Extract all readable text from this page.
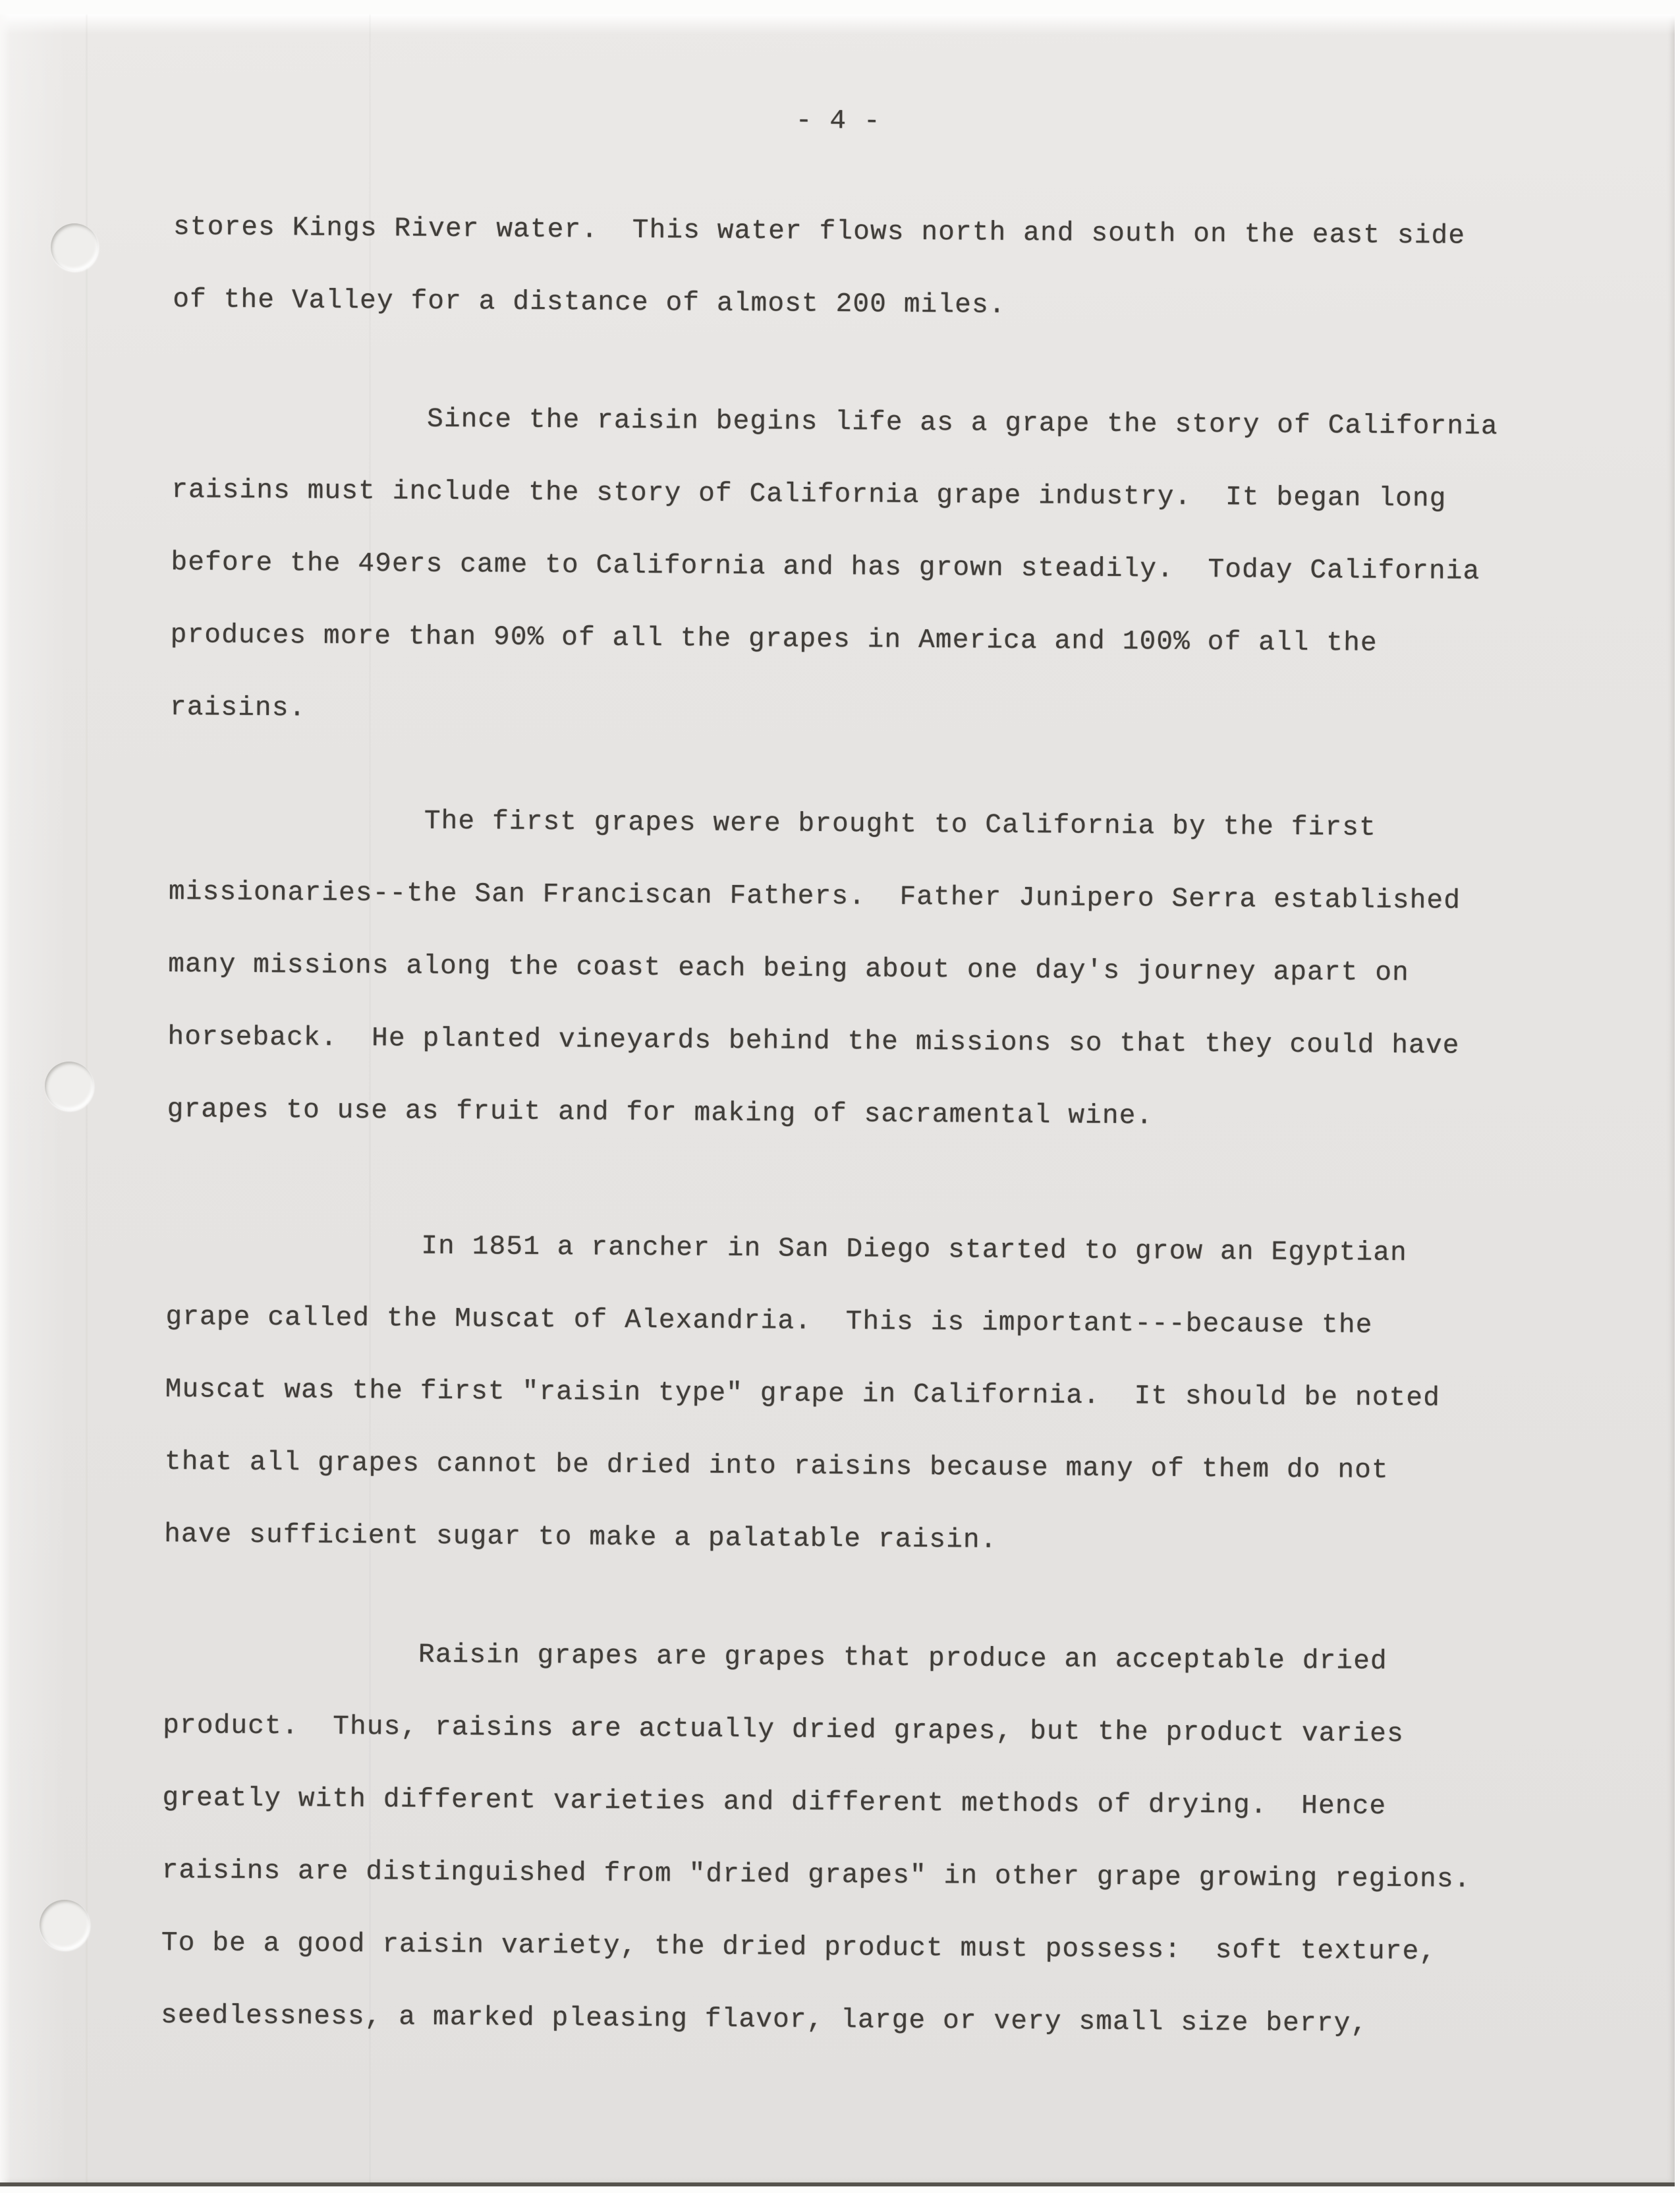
- 4 -
stores Kings River water.  This water flows north and south on the east side
of the Valley for a distance of almost 200 miles.
Since the raisin begins life as a grape the story of California
raisins must include the story of California grape industry.  It began long
before the 49ers came to California and has grown steadily.  Today California
produces more than 90% of all the grapes in America and 100% of all the
raisins.
The first grapes were brought to California by the first
missionaries--the San Franciscan Fathers.  Father Junipero Serra established
many missions along the coast each being about one day's journey apart on
horseback.  He planted vineyards behind the missions so that they could have
grapes to use as fruit and for making of sacramental wine.
In 1851 a rancher in San Diego started to grow an Egyptian
grape called the Muscat of Alexandria.  This is important---because the
Muscat was the first "raisin type" grape in California.  It should be noted
that all grapes cannot be dried into raisins because many of them do not
have sufficient sugar to make a palatable raisin.
Raisin grapes are grapes that produce an acceptable dried
product.  Thus, raisins are actually dried grapes, but the product varies
greatly with different varieties and different methods of drying.  Hence
raisins are distinguished from "dried grapes" in other grape growing regions.
To be a good raisin variety, the dried product must possess:  soft texture,
seedlessness, a marked pleasing flavor, large or very small size berry,
